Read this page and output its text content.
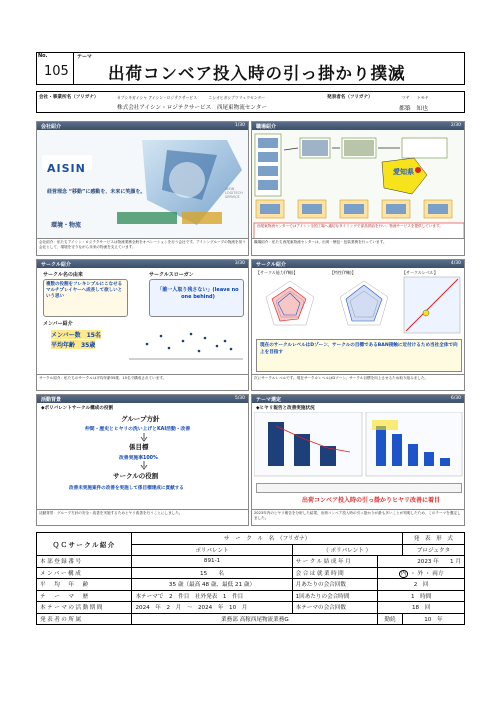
No.
105
テーマ
出荷コンベア投入時の引っ掛かり撲滅
会社・事業所名（フリガナ）	カブシキガイシャ アイシン・ロジテクサービス　　　ニシオヒガシブツリュウセンター
株式会社アイシン・ロジテクサービス　西尾東物流センター
発表者名（フリガナ）	ツゲ　　トモヤ
都築　知也
会社紹介	1/30
AISIN
経営理念 “移動”に感動を、未来に笑顔を。
環境・物流
AISIN LOGITECH SERVICE
会社紹介：私たちアイシン・ロジテクサービスは物流業務全般をオペレーションを行う会社です。アイシングループの物流を担う会社として、環境を守りながら未来の物流を支えています。
職場紹介	2/30
愛知県
西尾東物流センターではアイシン全国工場へ適切なタイミングで部品供給を行い、物流サービスを提供しています。
職場紹介：私たち西尾東物流センターは、出荷・梱包・包装業務を行っています。
サークル紹介	3/30
サークル名の由来
複数の役割をフレキシブルにこなせるマルチプレイヤーへ成長して欲しいという思い
サークルスローガン
「誰一人取り残さない」(leave no one behind)
メンバー紹介
メンバー数　15名
平均年齢　35歳
サークル紹介：私たちのサークルは平均年齢35歳、15名で構成されています。
サークル紹介	4/30
【サークル能力(Y軸)】	【特性(Y軸)】	【サークルレベル】
現在のサークルレベルはDゾーン、サークルの目標であるBAN接触に近付けるため当社全体で向上を目指す
次にサークルレベルです。現在サークルレベルはDゾーン。サークル目標を向上させるため取り組みました。
活動背景	5/30
◆ポリバレントサークル構成の役割
グループ方針
仲間・歴史とヒヤリの洗い上げとKAI活動・改善
係目標
改善実施率100%
サークルの役割
改善未実施案件の改善を実施して係目標達成に貢献する
活動背景：グループ方針の安全・改善を実施するためヒヤリ改善を行うことにしました。
テーマ選定	6/30
◆ヒヤリ報告と改善実施状況
出荷コンベア投入時の引っ掛かりヒヤリ改善に着目
2023年内のヒヤリ報告を分析した結果、出荷コンベア投入時の引っ掛かりが最も多いことが判明したため、このテーマを選定しました。
ＱＣサークル紹介	サ　ー　ク　ル　名　（フリガナ）			発　表　形　式
	ポリバレント	（ ポリバレント ）		プロジェクタ
本部登録番号	891-1	サークル結成年月	2023 年　　 1 月	
メンバー構成	15　　 名	会合は就業時間	内 ・ 外 ・ 両方	
平　均　年　齢	35 歳（最高 48 歳、最低 21 歳）	月あたりの会合回数	2　 回	
テ　ー　マ　歴	本テーマで　2　件目　社外発表　1　件目	1回あたりの会合時間	1　 時間	
本テーマの活動期間	2024　年　2　月　～　2024　年　10　月	本テーマの会合回数	18　 回	
発表者の所属	業務部 高稼西尾物流業務G		勤続	10　 年
